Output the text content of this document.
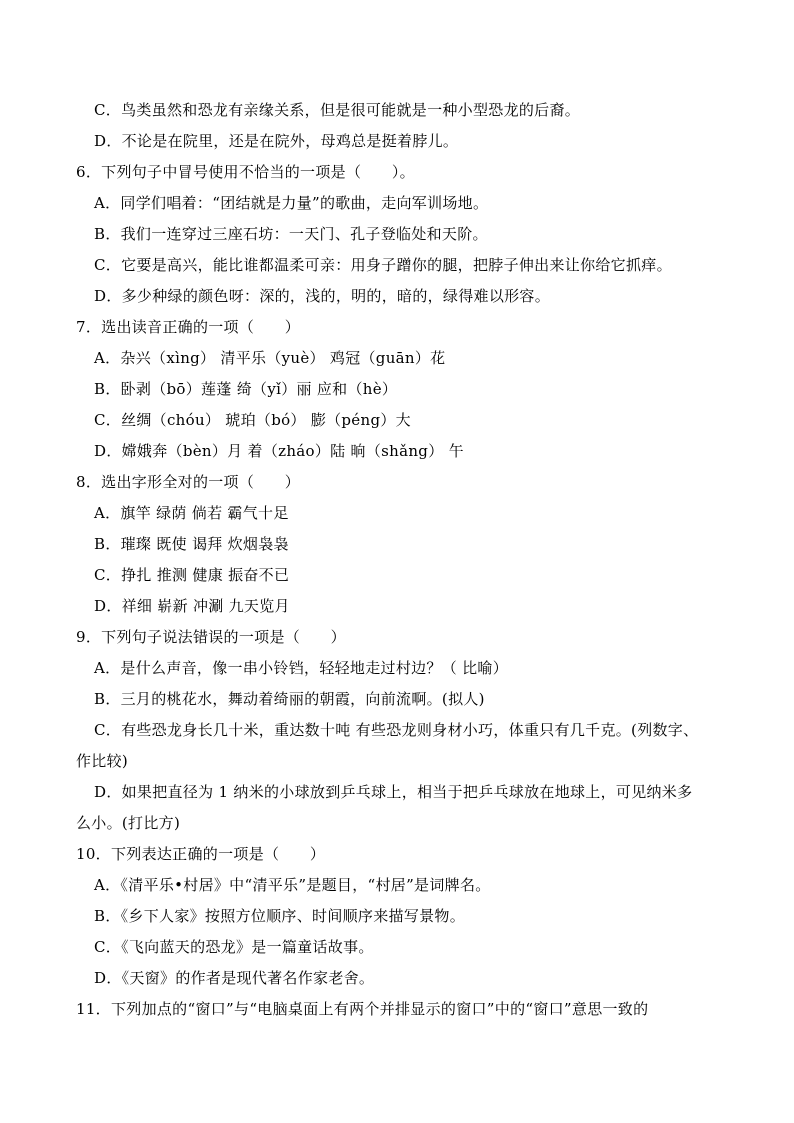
C．鸟类虽然和恐龙有亲缘关系，但是很可能就是一种小型恐龙的后裔。
D．不论是在院里，还是在院外，母鸡总是挺着脖儿。
6．下列句子中冒号使用不恰当的一项是（　　）。
A．同学们唱着：“团结就是力量”的歌曲，走向军训场地。
B．我们一连穿过三座石坊：一天门、孔子登临处和天阶。
C．它要是高兴，能比谁都温柔可亲：用身子蹭你的腿，把脖子伸出来让你给它抓痒。
D．多少种绿的颜色呀：深的，浅的，明的，暗的，绿得难以形容。
7．选出读音正确的一项（　　）
A．杂兴（xìng） 清平乐（yuè） 鸡冠（guān）花
B．卧剥（bō）莲蓬 绮（yǐ）丽 应和（hè）
C．丝绸（chóu） 琥珀（bó） 膨（péng）大
D．嫦娥奔（bèn）月 着（zháo）陆 晌（shǎng） 午
8．选出字形全对的一项（　　）
A．旗竿 绿荫 倘若 霸气十足
B．璀璨 既使 谒拜 炊烟袅袅
C．挣扎 推测 健康 振奋不已
D．祥细 崭新 冲涮 九天览月
9．下列句子说法错误的一项是（　　）
A．是什么声音，像一串小铃铛，轻轻地走过村边？（ 比喻）
B．三月的桃花水，舞动着绮丽的朝霞，向前流啊。(拟人)
C．有些恐龙身长几十米，重达数十吨 有些恐龙则身材小巧，体重只有几千克。(列数字、
作比较)
D．如果把直径为 1 纳米的小球放到乒乓球上，相当于把乒乓球放在地球上，可见纳米多
么小。(打比方)
10．下列表达正确的一项是（　　）
A．《清平乐•村居》中“清平乐”是题目，“村居”是词牌名。
B．《乡下人家》按照方位顺序、时间顺序来描写景物。
C．《飞向蓝天的恐龙》是一篇童话故事。
D．《天窗》的作者是现代著名作家老舍。
11．下列加点的“窗口”与“电脑桌面上有两个并排显示的窗口”中的“窗口”意思一致的
